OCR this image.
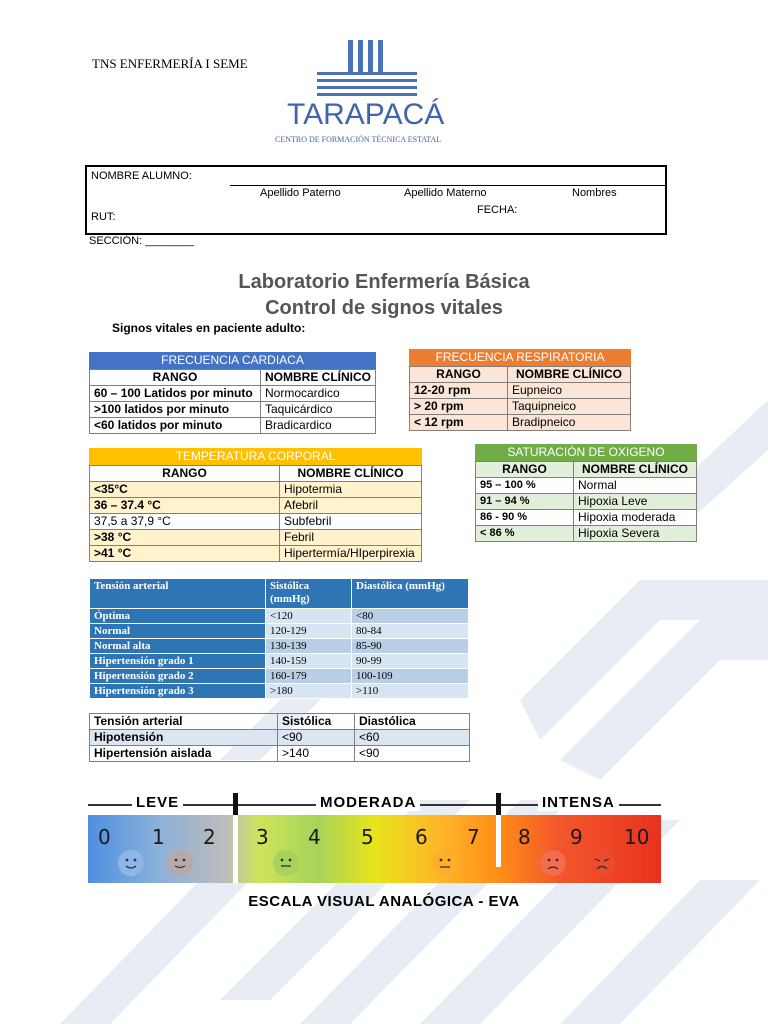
TNS ENFERMERÍA I SEME
TARAPACÁ
CENTRO DE FORMACIÓN TÉCNICA ESTATAL
NOMBRE ALUMNO:
Apellido Paterno	Apellido Materno	Nombres
FECHA:
RUT:
SECCIÓN: ________
Laboratorio Enfermería Básica
Control de signos vitales
Signos vitales en paciente adulto:
FRECUENCIA CARDIACA
RANGO	NOMBRE CLÍNICO
60 – 100 Latidos por minuto	Normocardico
>100 latidos por minuto	Taquicárdico
<60 latidos por minuto	Bradicardico
FRECUENCIA RESPIRATORIA
RANGO	NOMBRE CLÍNICO
12-20 rpm	Eupneico
> 20 rpm	Taquipneico
< 12 rpm	Bradipneico
TEMPERATURA CORPORAL
RANGO	NOMBRE CLÍNICO
<35°C	Hipotermia
36 – 37.4 °C	Afebril
37,5 a 37,9 °C	Subfebril
>38 °C	Febril
>41 °C	Hipertermía/HIperpirexia
SATURACIÓN DE OXIGENO
RANGO	NOMBRE CLÍNICO
95 – 100 %	Normal
91 – 94 %	Hipoxia Leve
86 - 90 %	Hipoxia moderada
< 86 %	Hipoxia Severa
Tensión arterial	Sistólica (mmHg)	Diastólica (mmHg)
Óptima	<120	<80
Normal	120-129	80-84
Normal alta	130-139	85-90
Hipertensión grado 1	140-159	90-99
Hipertensión grado 2	160-179	100-109
Hipertensión grado 3	>180	>110
Tensión arterial	Sistólica	Diastólica
Hipotensión	<90	<60
Hipertensión aislada	>140	<90
LEVE	MODERADA	INTENSA
0 1 2 3 4 5 6 7 8 9 10
ESCALA VISUAL ANALÓGICA - EVA
